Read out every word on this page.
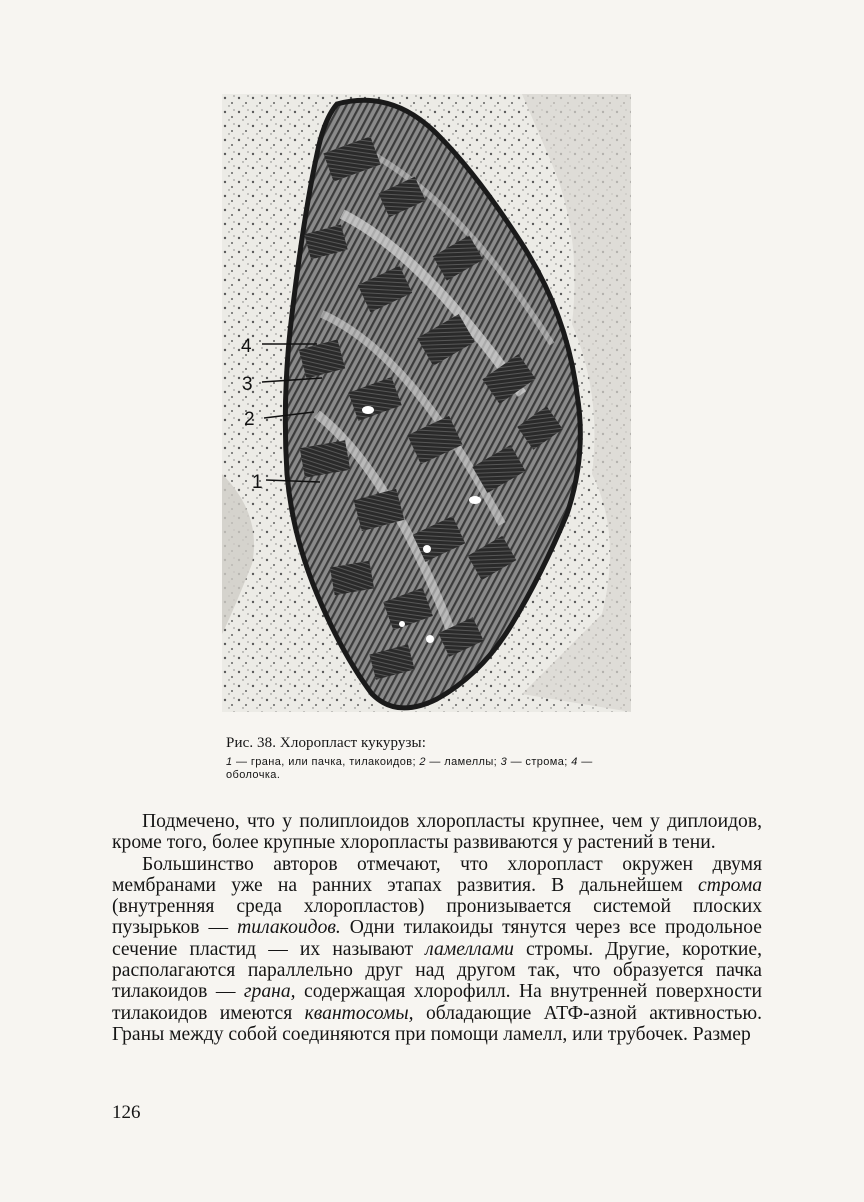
4
3
2
1
Рис. 38. Хлоропласт кукурузы:
1 — грана, или пачка, тилакоидов; 2 — ламеллы; 3 — строма; 4 — оболочка.

Подмечено, что у полиплоидов хлоропласты крупнее, чем у диплоидов, кроме того, более крупные хлоропласты развиваются у растений в тени.

Большинство авторов отмечают, что хлоропласт окружен двумя мембранами уже на ранних этапах развития. В дальнейшем строма (внутренняя среда хлоропластов) пронизывается системой плоских пузырьков — тилакоидов. Одни тилакоиды тянутся через все продольное сечение пластид — их называют ламеллами стромы. Другие, короткие, располагаются параллельно друг над другом так, что образуется пачка тилакоидов — грана, содержащая хлорофилл. На внутренней поверхности тилакоидов имеются квантосомы, обладающие АТФ-азной активностью. Граны между собой соединяются при помощи ламелл, или трубочек. Размер

126
